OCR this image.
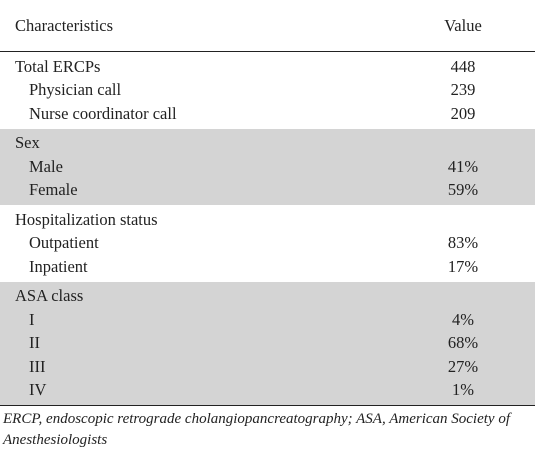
Characteristics	Value
Total ERCPs	448
Physician call	239
Nurse coordinator call	209
Sex
Male	41%
Female	59%
Hospitalization status
Outpatient	83%
Inpatient	17%
ASA class
I	4%
II	68%
III	27%
IV	1%
ERCP, endoscopic retrograde cholangiopancreatography; ASA, American Society of Anesthesiologists
